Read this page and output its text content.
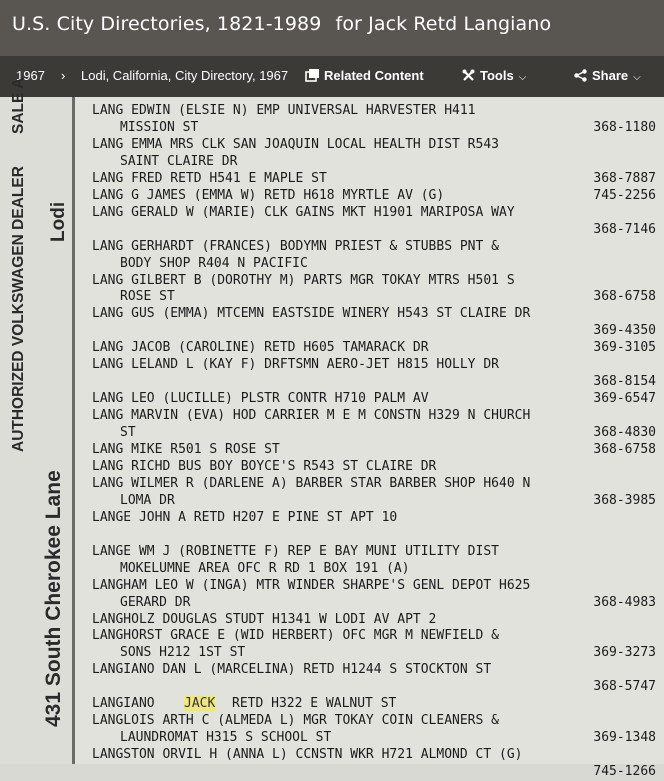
U.S. City Directories, 1821-1989 for Jack Retd Langiano
1967 › Lodi, California, City Directory, 1967	Related Content	Tools ⌵	Share ⌵
SALE A
Lodi
AUTHORIZED VOLKSWAGEN DEALER
431 South Cherokee Lane
LANG EDWIN (ELSIE N) EMP UNIVERSAL HARVESTER H411
MISSION ST	368-1180
LANG EMMA MRS CLK SAN JOAQUIN LOCAL HEALTH DIST R543
SAINT CLAIRE DR
LANG FRED RETD H541 E MAPLE ST	368-7887
LANG G JAMES (EMMA W) RETD H618 MYRTLE AV (G)	745-2256
LANG GERALD W (MARIE) CLK GAINS MKT H1901 MARIPOSA WAY
368-7146
LANG GERHARDT (FRANCES) BODYMN PRIEST & STUBBS PNT &
BODY SHOP R404 N PACIFIC
LANG GILBERT B (DOROTHY M) PARTS MGR TOKAY MTRS H501 S
ROSE ST	368-6758
LANG GUS (EMMA) MTCEMN EASTSIDE WINERY H543 ST CLAIRE DR
369-4350
LANG JACOB (CAROLINE) RETD H605 TAMARACK DR	369-3105
LANG LELAND L (KAY F) DRFTSMN AERO-JET H815 HOLLY DR
368-8154
LANG LEO (LUCILLE) PLSTR CONTR H710 PALM AV	369-6547
LANG MARVIN (EVA) HOD CARRIER M E M CONSTN H329 N CHURCH
ST	368-4830
LANG MIKE R501 S ROSE ST	368-6758
LANG RICHD BUS BOY BOYCE'S R543 ST CLAIRE DR
LANG WILMER R (DARLENE A) BARBER STAR BARBER SHOP H640 N
LOMA DR	368-3985
LANGE JOHN A RETD H207 E PINE ST APT 10
LANGE WM J (ROBINETTE F) REP E BAY MUNI UTILITY DIST
MOKELUMNE AREA OFC R RD 1 BOX 191 (A)
LANGHAM LEO W (INGA) MTR WINDER SHARPE'S GENL DEPOT H625
GERARD DR	368-4983
LANGHOLZ DOUGLAS STUDT H1341 W LODI AV APT 2
LANGHORST GRACE E (WID HERBERT) OFC MGR M NEWFIELD &
SONS H212 1ST ST	369-3273
LANGIANO DAN L (MARCELINA) RETD H1244 S STOCKTON ST
368-5747
LANGIANO JACK RETD H322 E WALNUT ST
LANGLOIS ARTH C (ALMEDA L) MGR TOKAY COIN CLEANERS &
LAUNDROMAT H315 S SCHOOL ST	369-1348
LANGSTON ORVIL H (ANNA L) CCNSTN WKR H721 ALMOND CT (G)
745-1266
